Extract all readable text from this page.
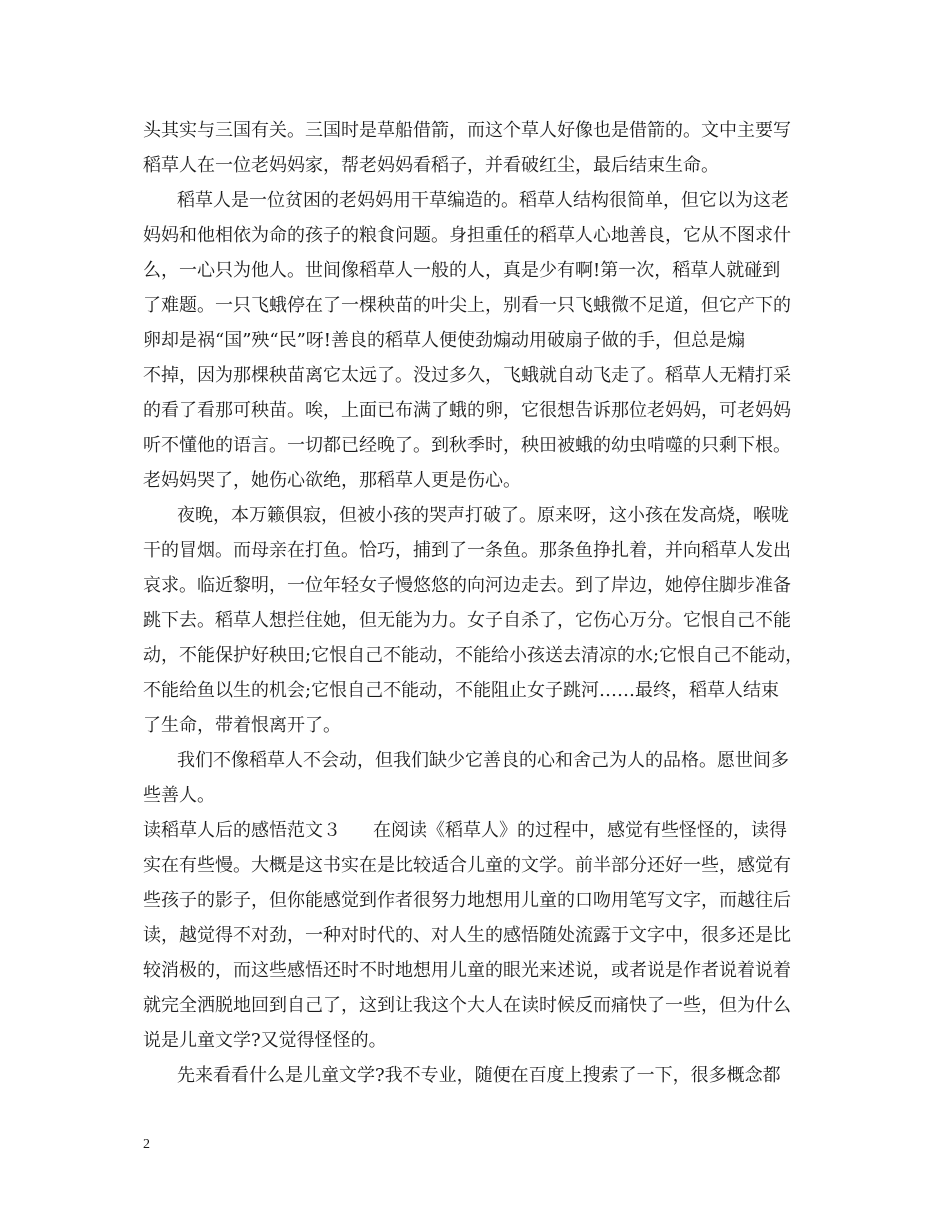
头其实与三国有关。三国时是草船借箭，而这个草人好像也是借箭的。文中主要写
稻草人在一位老妈妈家，帮老妈妈看稻子，并看破红尘，最后结束生命。
稻草人是一位贫困的老妈妈用干草编造的。稻草人结构很简单，但它以为这老
妈妈和他相依为命的孩子的粮食问题。身担重任的稻草人心地善良，它从不图求什
么，一心只为他人。世间像稻草人一般的人，真是少有啊!第一次，稻草人就碰到
了难题。一只飞蛾停在了一棵秧苗的叶尖上，别看一只飞蛾微不足道，但它产下的
卵却是祸“国”殃“民”呀!善良的稻草人便使劲煽动用破扇子做的手，但总是煽
不掉，因为那棵秧苗离它太远了。没过多久，飞蛾就自动飞走了。稻草人无精打采
的看了看那可秧苗。唉，上面已布满了蛾的卵，它很想告诉那位老妈妈，可老妈妈
听不懂他的语言。一切都已经晚了。到秋季时，秧田被蛾的幼虫啃噬的只剩下根。
老妈妈哭了，她伤心欲绝，那稻草人更是伤心。
夜晚，本万籁俱寂，但被小孩的哭声打破了。原来呀，这小孩在发高烧，喉咙
干的冒烟。而母亲在打鱼。恰巧，捕到了一条鱼。那条鱼挣扎着，并向稻草人发出
哀求。临近黎明，一位年轻女子慢悠悠的向河边走去。到了岸边，她停住脚步准备
跳下去。稻草人想拦住她，但无能为力。女子自杀了，它伤心万分。它恨自己不能
动，不能保护好秧田;它恨自己不能动，不能给小孩送去清凉的水;它恨自己不能动，
不能给鱼以生的机会;它恨自己不能动，不能阻止女子跳河……最终，稻草人结束
了生命，带着恨离开了。
我们不像稻草人不会动，但我们缺少它善良的心和舍己为人的品格。愿世间多
些善人。
读稻草人后的感悟范文３ 在阅读《稻草人》的过程中，感觉有些怪怪的，读得
实在有些慢。大概是这书实在是比较适合儿童的文学。前半部分还好一些，感觉有
些孩子的影子，但你能感觉到作者很努力地想用儿童的口吻用笔写文字，而越往后
读，越觉得不对劲，一种对时代的、对人生的感悟随处流露于文字中，很多还是比
较消极的，而这些感悟还时不时地想用儿童的眼光来述说，或者说是作者说着说着
就完全洒脱地回到自己了，这到让我这个大人在读时候反而痛快了一些，但为什么
说是儿童文学?又觉得怪怪的。
先来看看什么是儿童文学?我不专业，随便在百度上搜索了一下，很多概念都
2
